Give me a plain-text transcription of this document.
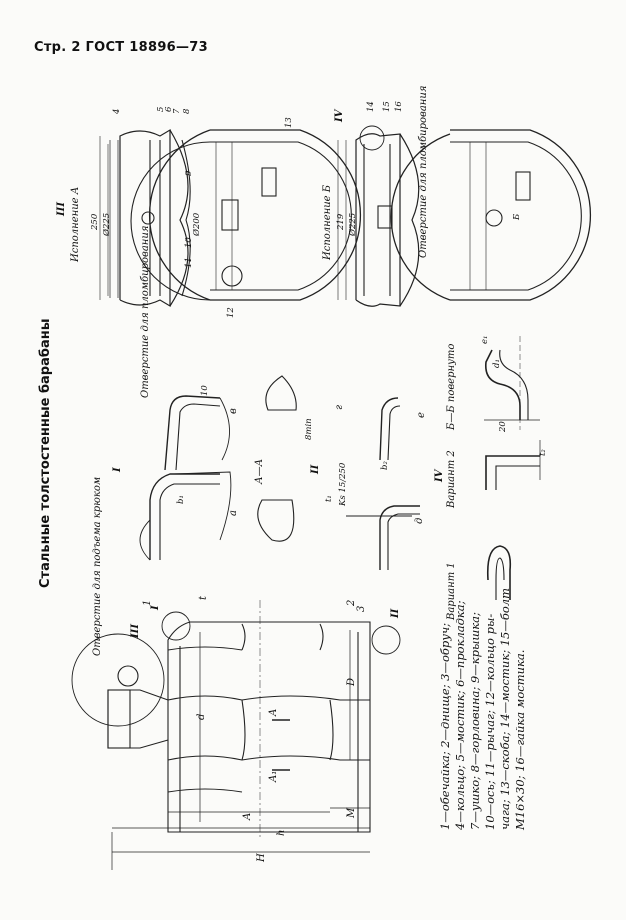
Стр. 2 ГОСТ 18896—73
Стальные толстостенные барабаны	Отверстие для подъема крюком
H
h
A	M
d
D
t
A
A₁
1	2
3
III
I
II
I
а
II
д
А—А
в
г
8min
е
IV
Вариант 1
Вариант 2
Б—Б повернуто
Ks 15/250
10
b₁
b₂
t₁
t₂
20
d₁
e₁
III Исполнение А 250 Ø225	Ø200
4	5
6
7 8
9
10
11
12
13
Отверстие для пломбирования
IV
Исполнение Б Ø225
219	Б
14 15 16 Отверстие для пломбирования
1—обечайка; 2—днище; 3—обруч; 4—кольцо; 5—мостик; 6—прокладка; 7—ушко; 8—горловина; 9—крышка; 10—ось; 11—рычаг; 12—кольцо ры- чага; 13—скоба; 14—мостик; 15—болт М16×30; 16—гайка мостика.
